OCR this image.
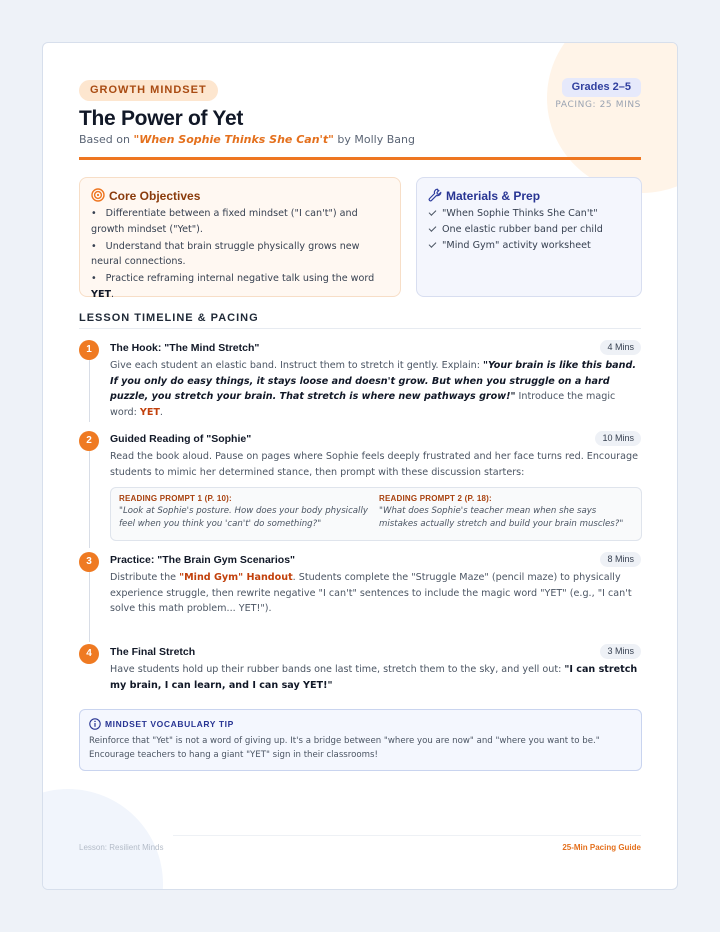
GROWTH MINDSET
The Power of Yet
Based on "When Sophie Thinks She Can't" by Molly Bang
Grades 2–5
PACING: 25 MINS
Core Objectives
• Differentiate between a fixed mindset ("I can't") and growth mindset ("Yet").
• Understand that brain struggle physically grows new neural connections.
• Practice reframing internal negative talk using the word YET.
Materials & Prep
"When Sophie Thinks She Can't"
One elastic rubber band per child
"Mind Gym" activity worksheet
LESSON TIMELINE & PACING
1	The Hook: "The Mind Stretch"	4 Mins
Give each student an elastic band. Instruct them to stretch it gently. Explain: "Your brain is like this band. If you only do easy things, it stays loose and doesn't grow. But when you struggle on a hard puzzle, you stretch your brain. That stretch is where new pathways grow!" Introduce the magic word: YET.
2	Guided Reading of "Sophie"	10 Mins
Read the book aloud. Pause on pages where Sophie feels deeply frustrated and her face turns red. Encourage students to mimic her determined stance, then prompt with these discussion starters:
READING PROMPT 1 (P. 10):
"Look at Sophie's posture. How does your body physically feel when you think you 'can't' do something?"
READING PROMPT 2 (P. 18):
"What does Sophie's teacher mean when she says mistakes actually stretch and build your brain muscles?"
3	Practice: "The Brain Gym Scenarios"	8 Mins
Distribute the "Mind Gym" Handout. Students complete the "Struggle Maze" (pencil maze) to physically experience struggle, then rewrite negative "I can't" sentences to include the magic word "YET" (e.g., "I can't solve this math problem... YET!").
4	The Final Stretch	3 Mins
Have students hold up their rubber bands one last time, stretch them to the sky, and yell out: "I can stretch my brain, I can learn, and I can say YET!"
MINDSET VOCABULARY TIP

Reinforce that "Yet" is not a word of giving up. It's a bridge between "where you are now" and "where you want to be." Encourage teachers to hang a giant "YET" sign in their classrooms!

Lesson: Resilient Minds	25-Min Pacing Guide
